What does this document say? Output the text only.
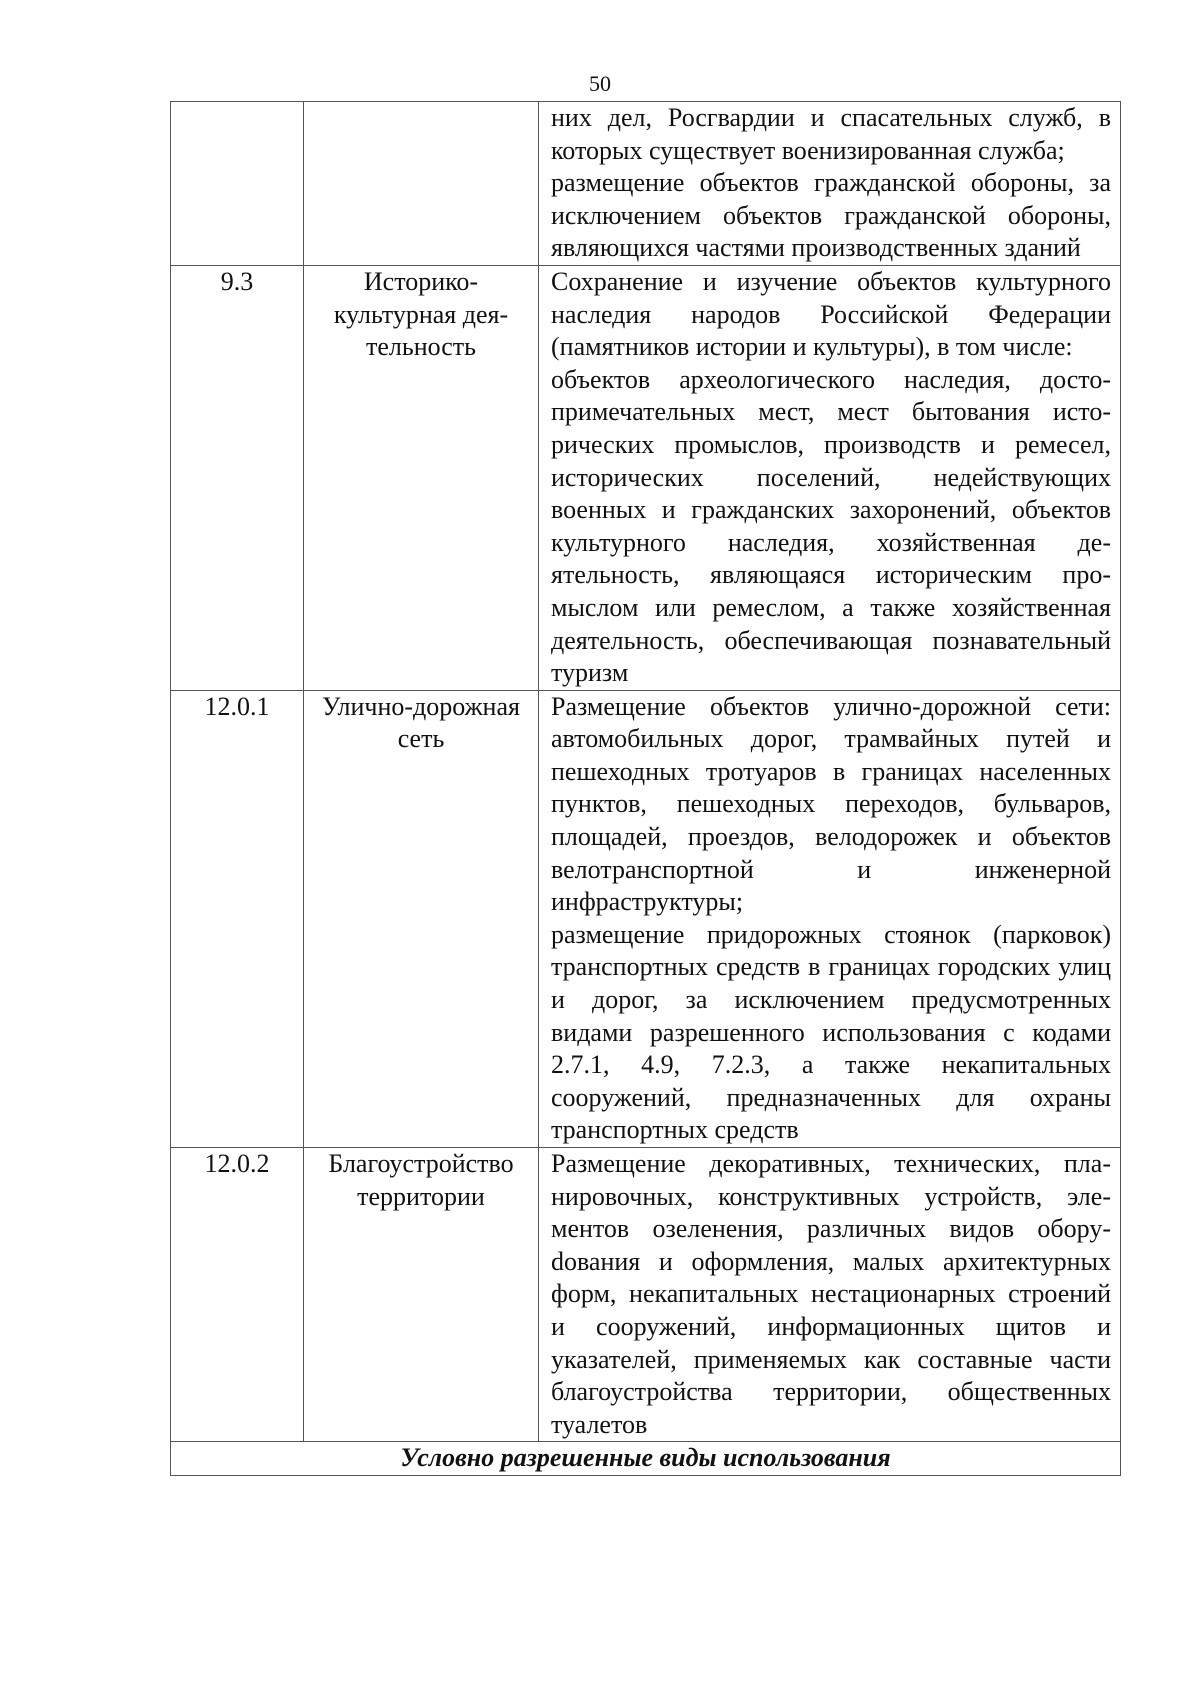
50

		них дел, Росгвардии и спасательных служб, в которых существует военизированная служба;
размещение объектов гражданской обороны, за исключением объектов гражданской обороны, являющихся частями производственных зданий

9.3	Историко-культурная деятельность	Сохранение и изучение объектов культурного наследия народов Российской Федерации (памятников истории и культуры), в том числе:
объектов археологического наследия, достопримечательных мест, мест бытования исторических промыслов, производств и ремесел, исторических поселений, недействующих военных и гражданских захоронений, объектов культурного наследия, хозяйственная деятельность, являющаяся историческим промыслом или ремеслом, а также хозяйственная деятельность, обеспечивающая познавательный туризм

12.0.1	Улично-дорожная сеть	Размещение объектов улично-дорожной сети: автомобильных дорог, трамвайных путей и пешеходных тротуаров в границах населенных пунктов, пешеходных переходов, бульваров, площадей, проездов, велодорожек и объектов велотранспортной и инженерной инфраструктуры;
размещение придорожных стоянок (парковок) транспортных средств в границах городских улиц и дорог, за исключением предусмотренных видами разрешенного использования с кодами 2.7.1, 4.9, 7.2.3, а также некапитальных сооружений, предназначенных для охраны транспортных средств

12.0.2	Благоустройство территории	Размещение декоративных, технических, планировочных, конструктивных устройств, элементов озеленения, различных видов оборуdования и оформления, малых архитектурных форм, некапитальных нестационарных строений и сооружений, информационных щитов и указателей, применяемых как составные части благоустройства территории, общественных туалетов

Условно разрешенные виды использования		
